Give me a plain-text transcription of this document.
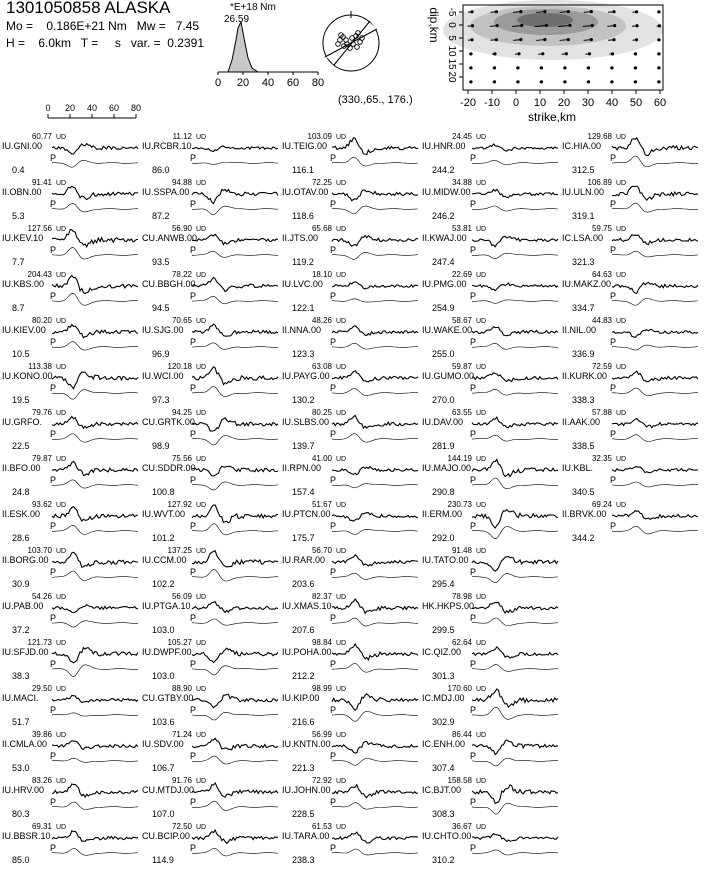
1301050858 ALASKA
Mo =    0.186E+21 Nm   Mw =   7.45
H =    6.0km   T =     s   var. =  0.2391
*E+18 Nm
26.59
(330.,65., 176.)
0 20 40 60 80
-20 -10 0 10 20 30 40 50 60
-5
0
5
10
15
20
strike,km
dip,km
0 20 40 60 80
60.77 UD
IU.GNI.00
P
0.4
91.41 UD
II.OBN.00
P
5.3
127.56 UD
IU.KEV.10
P
7.7
204.43 UD
IU.KBS.00
P
8.7
80.20 UD
IU.KIEV.00
P
10.5
113.38 UD
IU.KONO.00
P
19.5
79.76 UD
IU.GRFO.
P
22.5
79.87 UD
II.BFO.00
P
24.8
93.62 UD
II.ESK.00
P
28.6
103.70 UD
II.BORG.00
P
30.9
54.26 UD
IU.PAB.00
P
37.2
121.73 UD
IU.SFJD.00
P
38.3
29.50 UD
IU.MACI.
P
51.7
39.86 UD
II.CMLA.00
P
53.0
83.26 UD
IU.HRV.00
P
80.3
69.31 UD
IU.BBSR.10
P
85.0
11.12 UD
IU.RCBR.10
P
86.0
94.88 UD
IU.SSPA.00
P
87.2
56.90 UD
CU.ANWB.00
P
93.5
78.22 UD
CU.BBGH.00
P
94.5
70.65 UD
IU.SJG.00
P
96.9
120.18 UD
IU.WCI.00
P
97.3
94.25 UD
CU.GRTK.00
P
98.9
75.56 UD
CU.SDDR.00
P
100.8
127.92 UD
IU.WVT.00
P
101.2
137.25 UD
IU.CCM.00
P
102.2
56.09 UD
IU.PTGA.10
P
103.0
105.27 UD
IU.DWPF.00
P
103.0
88.90 UD
CU.GTBY.00
P
103.6
71.24 UD
IU.SDV.00
P
106.7
91.76 UD
CU.MTDJ.00
P
107.0
72.50 UD
CU.BCIP.00
P
114.9
103.09 UD
IU.TEIG.00
P
116.1
72.25 UD
IU.OTAV.00
P
118.6
65.68 UD
II.JTS.00
P
119.2
18.10 UD
IU.LVC.00
P
122.1
48.26 UD
II.NNA.00
P
123.3
63.08 UD
IU.PAYG.00
P
130.2
80.25 UD
IU.SLBS.00
P
139.7
41.00 UD
II.RPN.00
P
157.4
51.67 UD
IU.PTCN.00
P
175.7
56.70 UD
IU.RAR.00
P
203.6
82.37 UD
IU.XMAS.10
P
207.6
98.84 UD
IU.POHA.00
P
212.2
98.99 UD
IU.KIP.00
P
216.6
56.99 UD
IU.KNTN.00
P
221.3
72.92 UD
IU.JOHN.00
P
228.5
61.53 UD
IU.TARA.00
P
238.3
24.45 UD
IU.HNR.00
P
244.2
34.88 UD
IU.MIDW.00
P
246.2
53.81 UD
II.KWAJ.00
P
247.4
22.69 UD
IU.PMG.00
P
254.9
58.67 UD
IU.WAKE.00
P
255.0
59.87 UD
IU.GUMO.00
P
270.0
63.55 UD
IU.DAV.00
P
281.9
144.19 UD
IU.MAJO.00
P
290.8
230.73 UD
II.ERM.00
P
292.0
91.48 UD
IU.TATO.00
P
295.4
78.98 UD
HK.HKPS.00
P
299.5
62.64 UD
IC.QIZ.00
P
301.3
170.60 UD
IC.MDJ.00
P
302.9
86.44 UD
IC.ENH.00
P
307.4
158.58 UD
IC.BJT.00
P
308.3
36.67 UD
IU.CHTO.00
P
310.2
129.68 UD
IC.HIA.00
P
312.5
106.89 UD
IU.ULN.00
P
319.1
59.75 UD
IC.LSA.00
P
321.3
64.63 UD
IU.MAKZ.00
P
334.7
44.83 UD
II.NIL.00
P
336.9
72.59 UD
II.KURK.00
P
338.3
57.88 UD
II.AAK.00
P
338.5
32.35 UD
IU.KBL.
P
340.5
69.24 UD
II.BRVK.00
P
344.2
